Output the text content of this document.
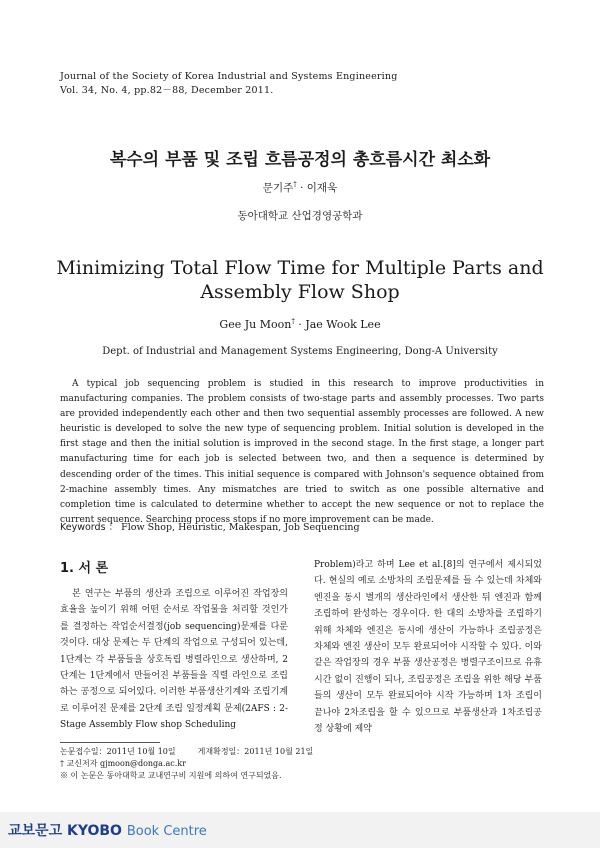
Journal of the Society of Korea Industrial and Systems Engineering
Vol. 34, No. 4, pp.82－88, December 2011.
복수의 부품 및 조립 흐름공정의 총흐름시간 최소화
문기주† · 이재욱
동아대학교 산업경영공학과
Minimizing Total Flow Time for Multiple Parts and Assembly Flow Shop
Gee Ju Moon† · Jae Wook Lee
Dept. of Industrial and Management Systems Engineering, Dong-A University

A typical job sequencing problem is studied in this research to improve productivities in manufacturing companies. The problem consists of two-stage parts and assembly processes. Two parts are provided independently each other and then two sequential assembly processes are followed. A new heuristic is developed to solve the new type of sequencing problem. Initial solution is developed in the first stage and then the initial solution is improved in the second stage. In the first stage, a longer part manufacturing time for each job is selected between two, and then a sequence is determined by descending order of the times. This initial sequence is compared with Johnson's sequence obtained from 2-machine assembly times. Any mismatches are tried to switch as one possible alternative and completion time is calculated to determine whether to accept the new sequence or not to replace the current sequence. Searching process stops if no more improvement can be made.

Keywords ： Flow Shop, Heuristic, Makespan, Job Sequencing
1. 서 론

본 연구는 부품의 생산과 조립으로 이루어진 작업장의 효율을 높이기 위해 어떤 순서로 작업물을 처리할 것인가를 결정하는 작업순서결정(job sequencing)문제를 다룬 것이다. 대상 문제는 두 단계의 작업으로 구성되어 있는데, 1단계는 각 부품들을 상호독립 병렬라인으로 생산하며, 2단계는 1단계에서 만들어진 부품들을 직렬 라인으로 조립하는 공정으로 되어있다. 이러한 부품생산기계와 조립기계로 이루어진 문제를 2단계 조립 일정계획 문제(2AFS : 2-Stage Assembly Flow shop Scheduling

Problem)라고 하며 Lee et al.[8]의 연구에서 제시되었다. 현실의 예로 소방차의 조립문제를 들 수 있는데 차체와 엔진을 동시 별개의 생산라인에서 생산한 뒤 엔진과 함께 조립하여 완성하는 경우이다. 한 대의 소방차를 조립하기 위해 차체와 엔진은 동시에 생산이 가능하나 조립공정은 차체와 엔진 생산이 모두 완료되어야 시작할 수 있다. 이와 같은 작업장의 경우 부품 생산공정은 병렬구조이므로 유휴시간 없이 진행이 되나, 조립공정은 조립을 위한 해당 부품들의 생산이 모두 완료되어야 시작 가능하며 1차 조립이 끝나야 2차조립을 할 수 있으므로 부품생산과 1차조립공정 상황에 제약

논문접수일：2011년 10월 10일	게재확정일：2011년 10월 21일
† 교신저자 gjmoon@donga.ac.kr
※ 이 논문은 동아대학교 교내연구비 지원에 의하여 연구되었음.
교보문고 KYOBO Book Centre
